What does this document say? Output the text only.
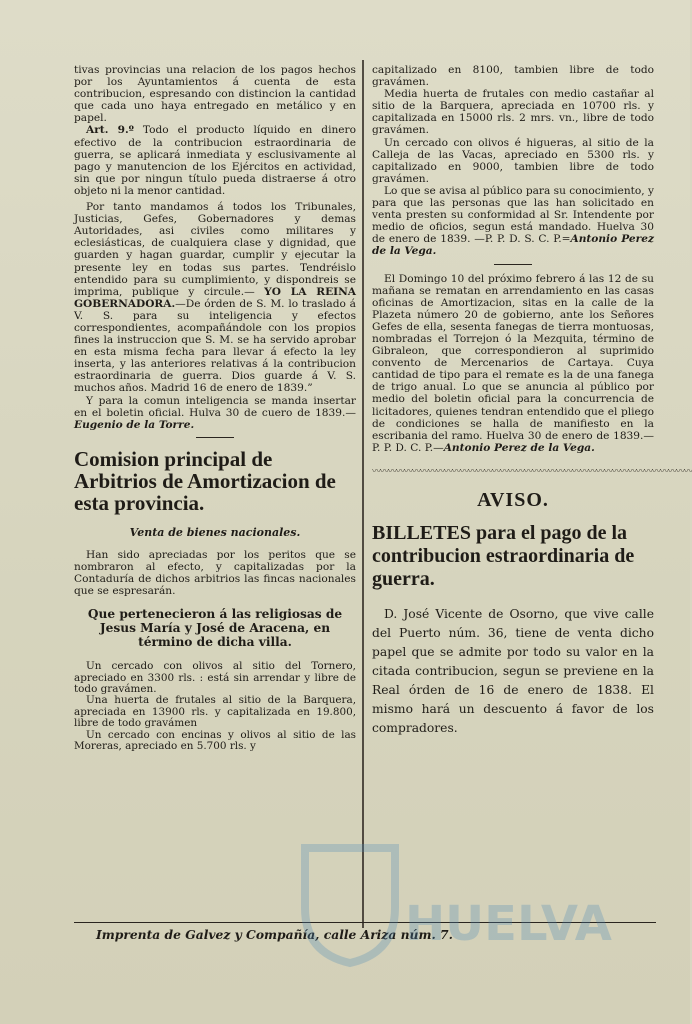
tivas provincias una relacion de los pagos hechos por los Ayuntamientos á cuenta de esta contribucion, espresando con distincion la cantidad que cada uno haya entregado en metálico y en papel.

Art. 9.º Todo el producto líquido en dinero efectivo de la contribucion estraordinaria de guerra, se aplicará inmediata y esclusivamente al pago y manutencion de los Ejércitos en actividad, sin que por ningun título pueda distraerse á otro objeto ni la menor cantidad.

Por tanto mandamos á todos los Tribunales, Justicias, Gefes, Gobernadores y demas Autoridades, asi civiles como militares y eclesiásticas, de cualquiera clase y dignidad, que guarden y hagan guardar, cumplir y ejecutar la presente ley en todas sus partes. Tendréislo entendido para su cumplimiento, y dispondreis se imprima, publique y circule.— YO LA REINA GOBERNADORA.—De órden de S. M. lo traslado á V. S. para su inteligencia y efectos correspondientes, acompañándole con los propios fines la instruccion que S. M. se ha servido aprobar en esta misma fecha para llevar á efecto la ley inserta, y las anteriores relativas á la contribucion estraordinaria de guerra. Dios guarde á V. S. muchos años. Madrid 16 de enero de 1839.”

Y para la comun inteligencia se manda insertar en el boletin oficial. Hulva 30 de cuero de 1839.—Eugenio de la Torre.

Comision principal de Arbitrios de Amortizacion de esta provincia.
Venta de bienes nacionales.

Han sido apreciadas por los peritos que se nombraron al efecto, y capitalizadas por la Contaduría de dichos arbitrios las fincas nacionales que se espresarán.

Que pertenecieron á las religiosas de Jesus María y José de Aracena, en término de dicha villa.

Un cercado con olivos al sitio del Tornero, apreciado en 3300 rls. : está sin arrendar y libre de todo gravámen.

Una huerta de frutales al sitio de la Barquera, apreciada en 13900 rls. y capitalizada en 19.800, libre de todo gravámen

Un cercado con encinas y olivos al sitio de las Moreras, apreciado en 5.700 rls. y

capitalizado en 8100, tambien libre de todo gravámen.

Media huerta de frutales con medio castañar al sitio de la Barquera, apreciada en 10700 rls. y capitalizada en 15000 rls. 2 mrs. vn., libre de todo gravámen.

Un cercado con olivos é higueras, al sitio de la Calleja de las Vacas, apreciado en 5300 rls. y capitalizado en 9000, tambien libre de todo gravámen.

Lo que se avisa al público para su conocimiento, y para que las personas que las han solicitado en venta presten su conformidad al Sr. Intendente por medio de oficios, segun está mandado. Huelva 30 de enero de 1839. —P. P. D. S. C. P.=Antonio Perez de la Vega.

El Domingo 10 del próximo febrero á las 12 de su mañana se rematan en arrendamiento en las casas oficinas de Amortizacion, sitas en la calle de la Plazeta número 20 de gobierno, ante los Señores Gefes de ella, sesenta fanegas de tierra montuosas, nombradas el Torrejon ó la Mezquita, término de Gibraleon, que correspondieron al suprimido convento de Mercenarios de Cartaya. Cuya cantidad de tipo para el remate es la de una fanega de trigo anual. Lo que se anuncia al público por medio del boletin oficial para la concurrencia de licitadores, quienes tendran entendido que el pliego de condiciones se halla de manifiesto en la escribania del ramo. Huelva 30 de enero de 1839.—P. P. D. C. P.—Antonio Perez de la Vega.

〰〰〰〰〰〰〰〰〰〰〰〰〰〰〰〰〰〰〰〰〰〰〰〰〰〰〰〰〰〰〰〰〰〰〰〰〰〰〰〰
AVISO.
BILLETES para el pago de la contribucion estraordinaria de guerra.

D. José Vicente de Osorno, que vive calle del Puerto núm. 36, tiene de venta dicho papel que se admite por todo su valor en la citada contribucion, segun se previene en la Real órden de 16 de enero de 1838. El mismo hará un descuento á favor de los compradores.

Imprenta de Galvez y Compañía, calle Ariza núm. 7.
HUELVA
